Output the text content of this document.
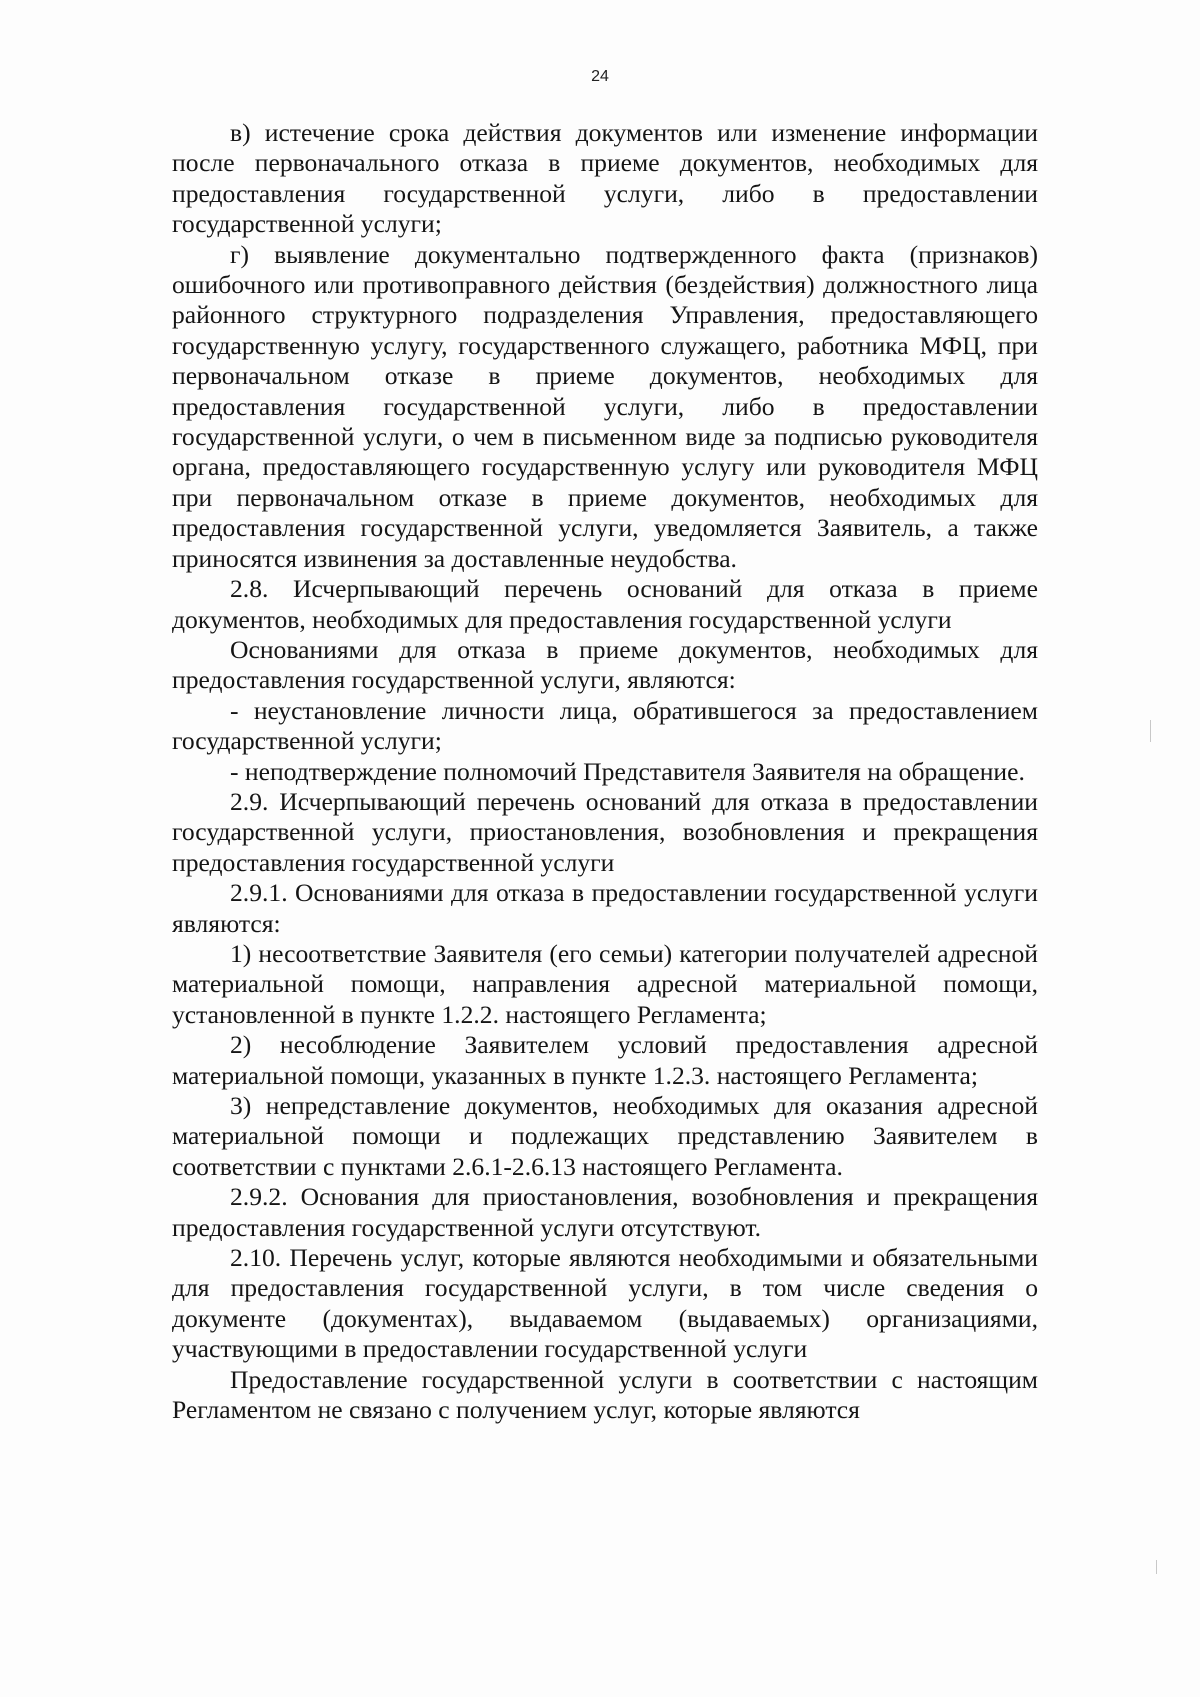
24

в) истечение срока действия документов или изменение информации после первоначального отказа в приеме документов, необходимых для предоставления государственной услуги, либо в предоставлении государственной услуги;

г) выявление документально подтвержденного факта (признаков) ошибочного или противоправного действия (бездействия) должностного лица районного структурного подразделения Управления, предоставляющего государственную услугу, государственного служащего, работника МФЦ, при первоначальном отказе в приеме документов, необходимых для предоставления государственной услуги, либо в предоставлении государственной услуги, о чем в письменном виде за подписью руководителя органа, предоставляющего государственную услугу или руководителя МФЦ при первоначальном отказе в приеме документов, необходимых для предоставления государственной услуги, уведомляется Заявитель, а также приносятся извинения за доставленные неудобства.

2.8. Исчерпывающий перечень оснований для отказа в приеме документов, необходимых для предоставления государственной услуги

Основаниями для отказа в приеме документов, необходимых для предоставления государственной услуги, являются:

- неустановление личности лица, обратившегося за предоставлением государственной услуги;

- неподтверждение полномочий Представителя Заявителя на обращение.

2.9. Исчерпывающий перечень оснований для отказа в предоставлении государственной услуги, приостановления, возобновления и прекращения предоставления государственной услуги

2.9.1. Основаниями для отказа в предоставлении государственной услуги являются:

1) несоответствие Заявителя (его семьи) категории получателей адресной материальной помощи, направления адресной материальной помощи, установленной в пункте 1.2.2. настоящего Регламента;

2) несоблюдение Заявителем условий предоставления адресной материальной помощи, указанных в пункте 1.2.3. настоящего Регламента;

3) непредставление документов, необходимых для оказания адресной материальной помощи и подлежащих представлению Заявителем в соответствии с пунктами 2.6.1-2.6.13 настоящего Регламента.

2.9.2. Основания для приостановления, возобновления и прекращения предоставления государственной услуги отсутствуют.

2.10. Перечень услуг, которые являются необходимыми и обязательными для предоставления государственной услуги, в том числе сведения о документе (документах), выдаваемом (выдаваемых) организациями, участвующими в предоставлении государственной услуги

Предоставление государственной услуги в соответствии с настоящим Регламентом не связано с получением услуг, которые являются
